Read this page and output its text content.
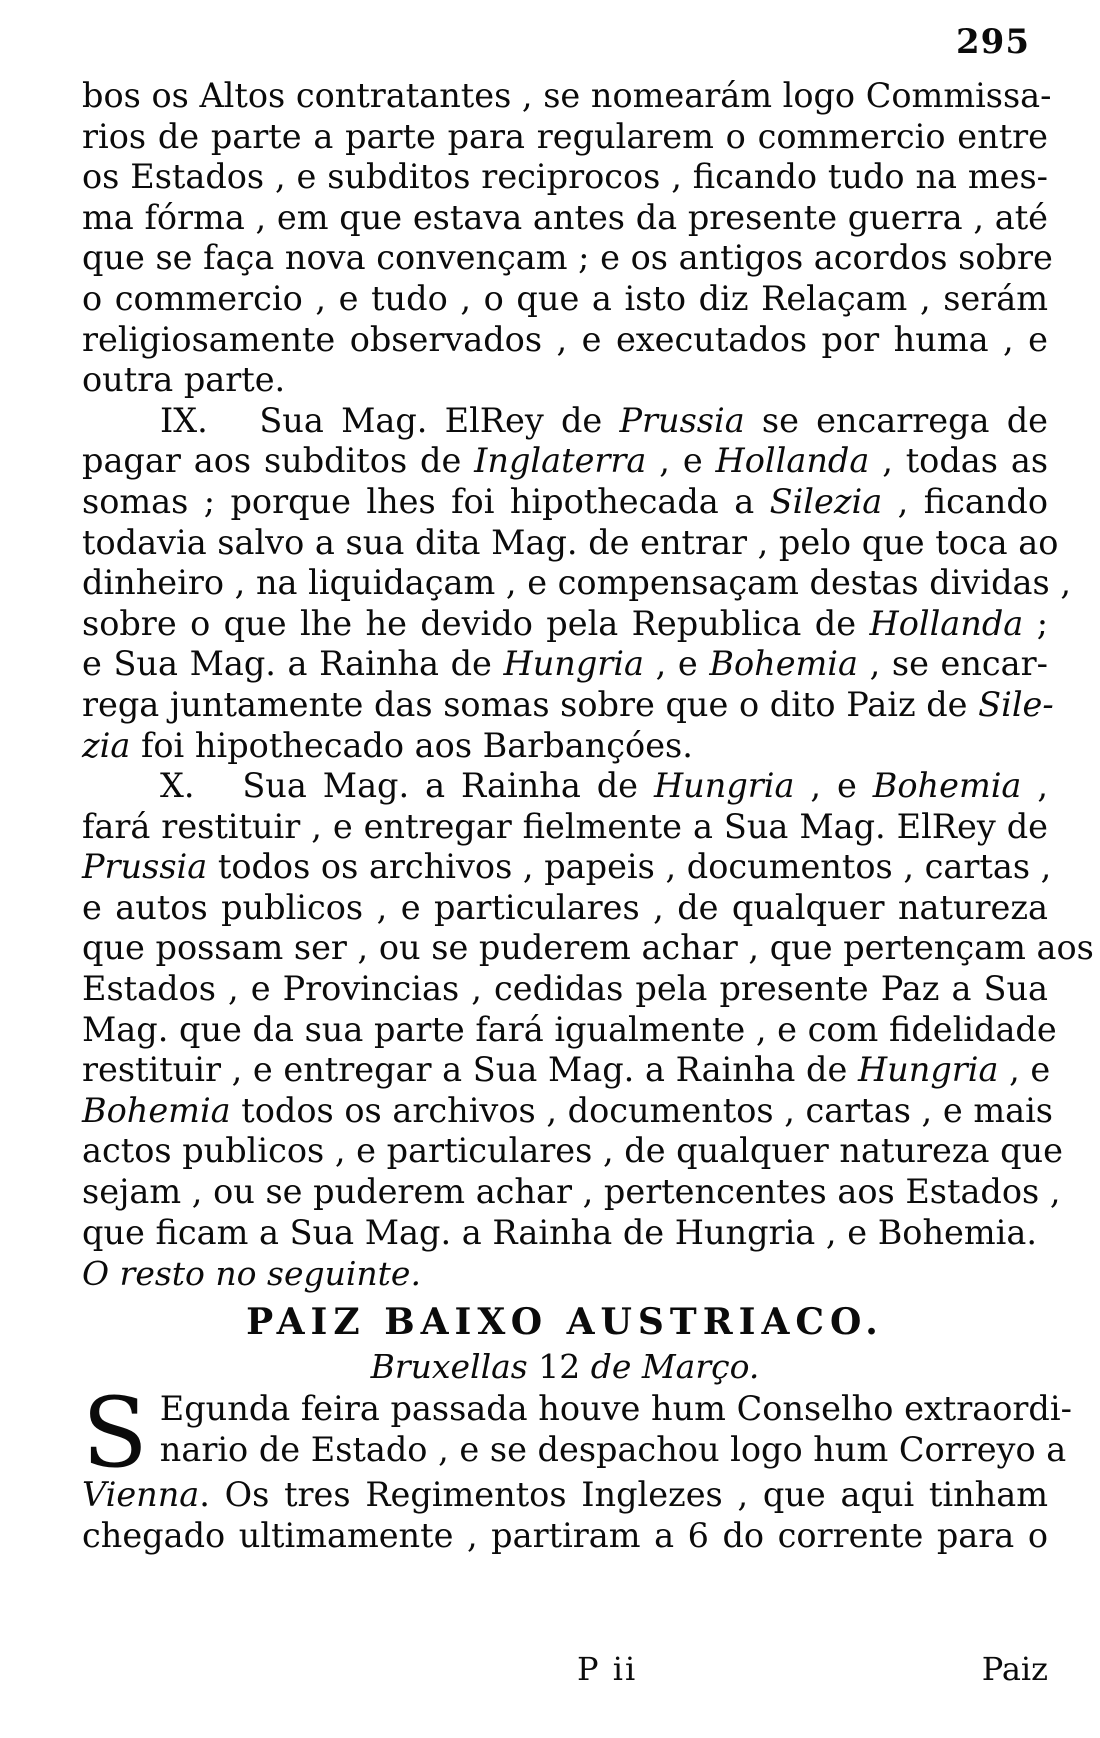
295

bos os Altos contratantes , se nomearám logo Commissa-
rios de parte a parte para regularem o commercio entre
os Estados , e subditos reciprocos , ficando tudo na mes-
ma fórma , em que estava antes da presente guerra , até
que se faça nova convençam ; e os antigos acordos sobre
o commercio , e tudo , o que a isto diz Relaçam , serám
religiosamente observados , e executados por huma , e
outra parte.

IX. Sua Mag. ElRey de Prussia se encarrega de
pagar aos subditos de Inglaterra , e Hollanda , todas as
somas ; porque lhes foi hipothecada a Silezia , ficando
todavia salvo a sua dita Mag. de entrar , pelo que toca ao
dinheiro , na liquidaçam , e compensaçam destas dividas ,
sobre o que lhe he devido pela Republica de Hollanda ;
e Sua Mag. a Rainha de Hungria , e Bohemia , se encar-
rega juntamente das somas sobre que o dito Paiz de Sile-
zia foi hipothecado aos Barbançóes.

X. Sua Mag. a Rainha de Hungria , e Bohemia ,
fará restituir , e entregar fielmente a Sua Mag. ElRey de
Prussia todos os archivos , papeis , documentos , cartas ,
e autos publicos , e particulares , de qualquer natureza
que possam ser , ou se puderem achar , que pertençam aos
Estados , e Provincias , cedidas pela presente Paz a Sua
Mag. que da sua parte fará igualmente , e com fidelidade
restituir , e entregar a Sua Mag. a Rainha de Hungria , e
Bohemia todos os archivos , documentos , cartas , e mais
actos publicos , e particulares , de qualquer natureza que
sejam , ou se puderem achar , pertencentes aos Estados ,
que ficam a Sua Mag. a Rainha de Hungria , e Bohemia.

O resto no seguinte.

PAIZ BAIXO AUSTRIACO.

Bruxellas 12 de Março.

S Egunda feira passada houve hum Conselho extraordi-
nario de Estado , e se despachou logo hum Correyo a
Vienna. Os tres Regimentos Inglezes , que aqui tinham
chegado ultimamente , partiram a 6 do corrente para o

P ii	Paiz
